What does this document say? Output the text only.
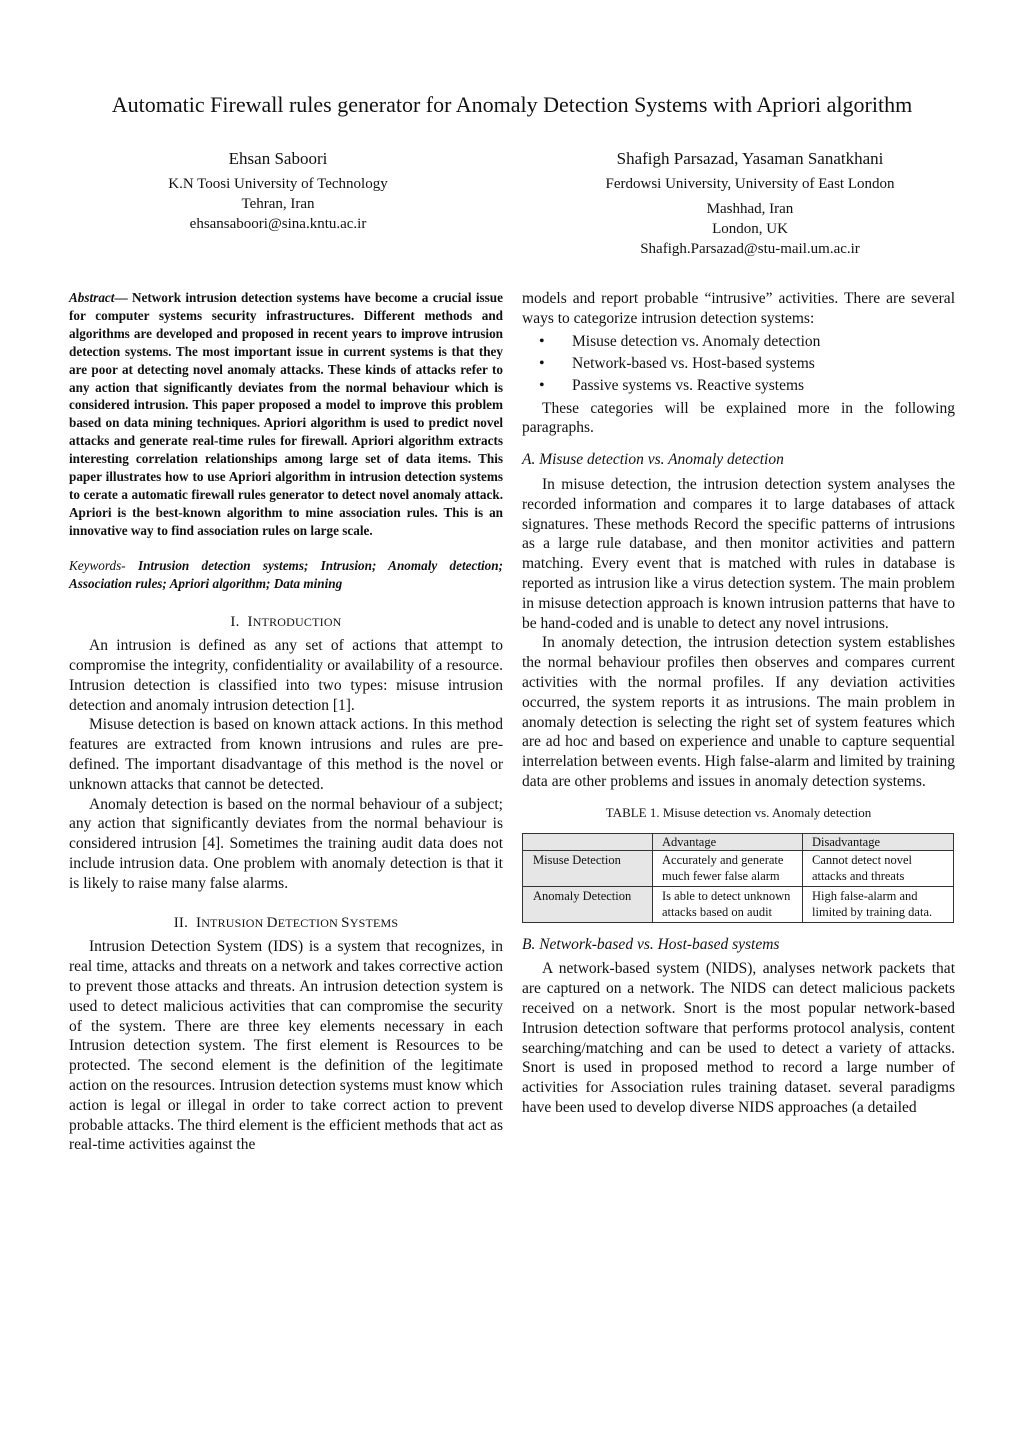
Automatic Firewall rules generator for Anomaly Detection Systems with Apriori algorithm
Ehsan Saboori
K.N Toosi University of Technology
Tehran, Iran
ehsansaboori@sina.kntu.ac.ir
Shafigh Parsazad, Yasaman Sanatkhani
Ferdowsi University, University of East London
Mashhad, Iran
London, UK
Shafigh.Parsazad@stu-mail.um.ac.ir

Abstract— Network intrusion detection systems have become a crucial issue for computer systems security infrastructures. Different methods and algorithms are developed and proposed in recent years to improve intrusion detection systems. The most important issue in current systems is that they are poor at detecting novel anomaly attacks. These kinds of attacks refer to any action that significantly deviates from the normal behaviour which is considered intrusion. This paper proposed a model to improve this problem based on data mining techniques. Apriori algorithm is used to predict novel attacks and generate real-time rules for firewall. Apriori algorithm extracts interesting correlation relationships among large set of data items. This paper illustrates how to use Apriori algorithm in intrusion detection systems to cerate a automatic firewall rules generator to detect novel anomaly attack. Apriori is the best-known algorithm to mine association rules. This is an innovative way to find association rules on large scale.

Keywords- Intrusion detection systems; Intrusion; Anomaly detection; Association rules; Apriori algorithm; Data mining

I. INTRODUCTION

An intrusion is defined as any set of actions that attempt to compromise the integrity, confidentiality or availability of a resource. Intrusion detection is classified into two types: misuse intrusion detection and anomaly intrusion detection [1].

Misuse detection is based on known attack actions. In this method features are extracted from known intrusions and rules are pre-defined. The important disadvantage of this method is the novel or unknown attacks that cannot be detected.

Anomaly detection is based on the normal behaviour of a subject; any action that significantly deviates from the normal behaviour is considered intrusion [4]. Sometimes the training audit data does not include intrusion data. One problem with anomaly detection is that it is likely to raise many false alarms.

II. INTRUSION DETECTION SYSTEMS

Intrusion Detection System (IDS) is a system that recognizes, in real time, attacks and threats on a network and takes corrective action to prevent those attacks and threats. An intrusion detection system is used to detect malicious activities that can compromise the security of the system. There are three key elements necessary in each Intrusion detection system. The first element is Resources to be protected. The second element is the definition of the legitimate action on the resources. Intrusion detection systems must know which action is legal or illegal in order to take correct action to prevent probable attacks. The third element is the efficient methods that act as real-time activities against the

models and report probable “intrusive” activities. There are several ways to categorize intrusion detection systems:

• Misuse detection vs. Anomaly detection
• Network-based vs. Host-based systems
• Passive systems vs. Reactive systems

These categories will be explained more in the following paragraphs.

A. Misuse detection vs. Anomaly detection

In misuse detection, the intrusion detection system analyses the recorded information and compares it to large databases of attack signatures. These methods Record the specific patterns of intrusions as a large rule database, and then monitor activities and pattern matching. Every event that is matched with rules in database is reported as intrusion like a virus detection system. The main problem in misuse detection approach is known intrusion patterns that have to be hand-coded and is unable to detect any novel intrusions.

In anomaly detection, the intrusion detection system establishes the normal behaviour profiles then observes and compares current activities with the normal profiles. If any deviation activities occurred, the system reports it as intrusions. The main problem in anomaly detection is selecting the right set of system features which are ad hoc and based on experience and unable to capture sequential interrelation between events. High false-alarm and limited by training data are other problems and issues in anomaly detection systems.

TABLE 1. Misuse detection vs. Anomaly detection
	Advantage	Disadvantage
Misuse Detection	Accurately and generate much fewer false alarm	Cannot detect novel attacks and threats
Anomaly Detection	Is able to detect unknown attacks based on audit	High false-alarm and limited by training data.
B. Network-based vs. Host-based systems

A network-based system (NIDS), analyses network packets that are captured on a network. The NIDS can detect malicious packets received on a network. Snort is the most popular network-based Intrusion detection software that performs protocol analysis, content searching/matching and can be used to detect a variety of attacks. Snort is used in proposed method to record a large number of activities for Association rules training dataset. several paradigms have been used to develop diverse NIDS approaches (a detailed
